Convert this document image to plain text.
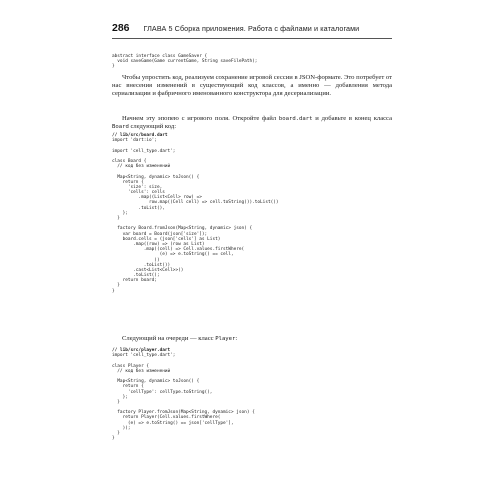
286 ГЛАВА 5 Сборка приложения. Работа с файлами и каталогами
abstract interface class GameSaver {
void saveGame(Game currentGame, String saveFilePath);
}

Чтобы упростить код, реализуем сохранение игровой сессии в JSON-формате. Это потребует от нас внесения изменений в существующий код классов, а именно — добавления метода сериализации и фабричного именованного конструктора для десериализации.

Начнем эту эпопею с игрового поля. Откройте файл board.dart и добавьте в конец класса Board следующий код:

// lib/src/board.dart
import 'dart:io';

import 'cell_type.dart';

class Board {
// код без изменений

Map<String, dynamic> toJson() {
return {
'size': size,
'cells': cells
.map((List<Cell> row) =>
row.map((Cell cell) => cell.toString()).toList())
.toList(),
};
}

factory Board.fromJson(Map<String, dynamic> json) {
var board = Board(json['size']);
board.cells = (json['cells'] as List)
.map((row) => (row as List)
.map((cell) => Cell.values.firstWhere(
(e) => e.toString() == cell,
))
.toList())
.cast<List<Cell>>()
.toList();
return board;
}
}

Следующий на очереди — класс Player:

// lib/src/player.dart
import 'cell_type.dart';

class Player {
// код без изменений

Map<String, dynamic> toJson() {
return {
'cellType': cellType.toString(),
};
}

factory Player.fromJson(Map<String, dynamic> json) {
return Player(Cell.values.firstWhere(
(e) => e.toString() == json['cellType'],
));
}
}
